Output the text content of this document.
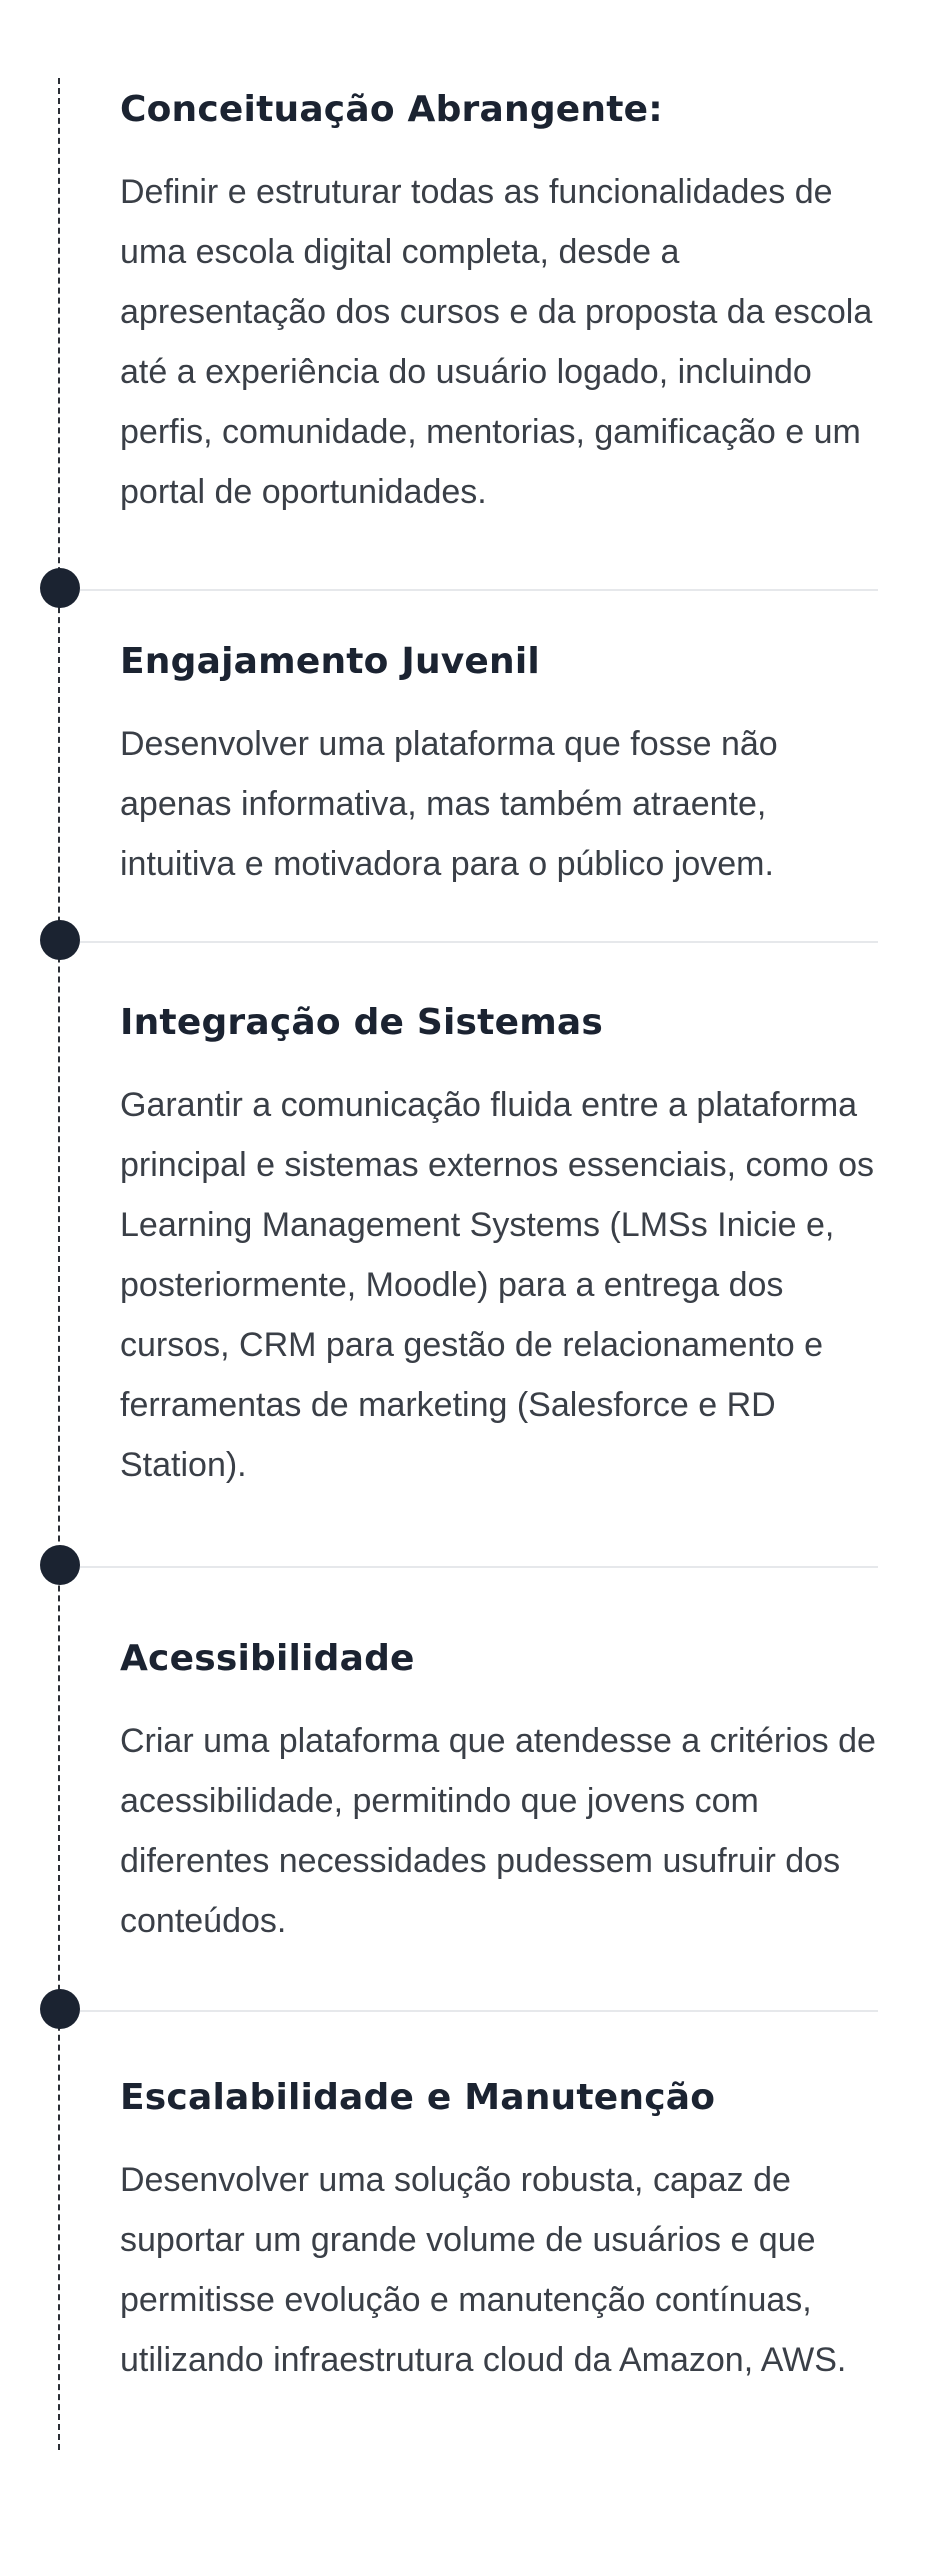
Conceituação Abrangente:

Definir e estruturar todas as funcionalidades de uma escola digital completa, desde a apresentação dos cursos e da proposta da escola até a experiência do usuário logado, incluindo perfis, comunidade, mentorias, gamificação e um portal de oportunidades.

Engajamento Juvenil

Desenvolver uma plataforma que fosse não apenas informativa, mas também atraente, intuitiva e motivadora para o público jovem.

Integração de Sistemas

Garantir a comunicação fluida entre a plataforma principal e sistemas externos essenciais, como os Learning Management Systems (LMSs Inicie e, posteriormente, Moodle) para a entrega dos cursos, CRM para gestão de relacionamento e ferramentas de marketing (Salesforce e RD Station).

Acessibilidade

Criar uma plataforma que atendesse a critérios de acessibilidade, permitindo que jovens com diferentes necessidades pudessem usufruir dos conteúdos.

Escalabilidade e Manutenção

Desenvolver uma solução robusta, capaz de suportar um grande volume de usuários e que permitisse evolução e manutenção contínuas, utilizando infraestrutura cloud da Amazon, AWS.
